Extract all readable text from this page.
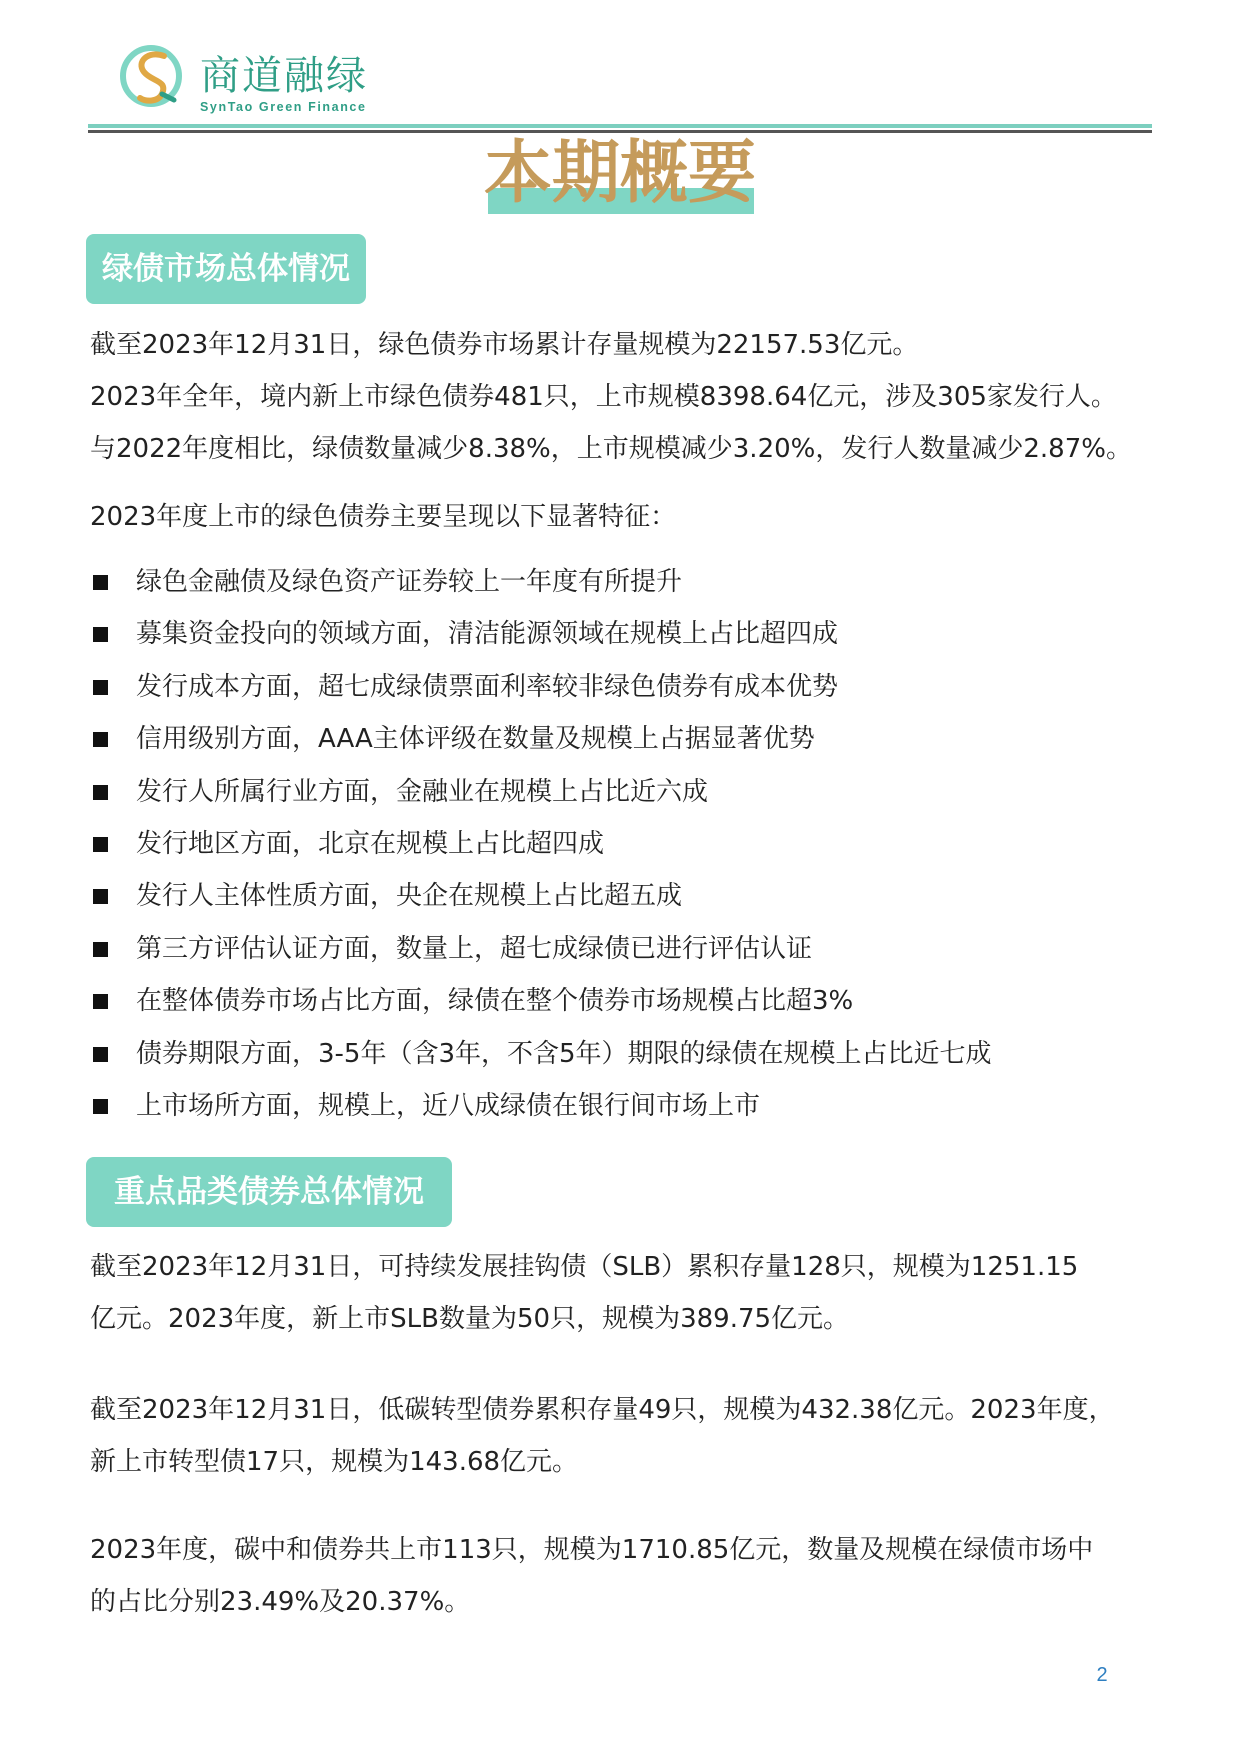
商道融绿
SynTao Green Finance
本期概要
绿债市场总体情况
截至2023年12月31日，绿色债券市场累计存量规模为22157.53亿元。
2023年全年，境内新上市绿色债券481只，上市规模8398.64亿元，涉及305家发行人。
与2022年度相比，绿债数量减少8.38%，上市规模减少3.20%，发行人数量减少2.87%。
2023年度上市的绿色债券主要呈现以下显著特征：
绿色金融债及绿色资产证券较上一年度有所提升
募集资金投向的领域方面，清洁能源领域在规模上占比超四成
发行成本方面，超七成绿债票面利率较非绿色债券有成本优势
信用级别方面，AAA主体评级在数量及规模上占据显著优势
发行人所属行业方面，金融业在规模上占比近六成
发行地区方面，北京在规模上占比超四成
发行人主体性质方面，央企在规模上占比超五成
第三方评估认证方面，数量上，超七成绿债已进行评估认证
在整体债券市场占比方面，绿债在整个债券市场规模占比超3%
债券期限方面，3-5年（含3年，不含5年）期限的绿债在规模上占比近七成
上市场所方面，规模上，近八成绿债在银行间市场上市
重点品类债券总体情况
截至2023年12月31日，可持续发展挂钩债（SLB）累积存量128只，规模为1251.15
亿元。2023年度，新上市SLB数量为50只，规模为389.75亿元。
截至2023年12月31日，低碳转型债券累积存量49只，规模为432.38亿元。2023年度，
新上市转型债17只，规模为143.68亿元。
2023年度，碳中和债券共上市113只，规模为1710.85亿元，数量及规模在绿债市场中
的占比分别23.49%及20.37%。
2
